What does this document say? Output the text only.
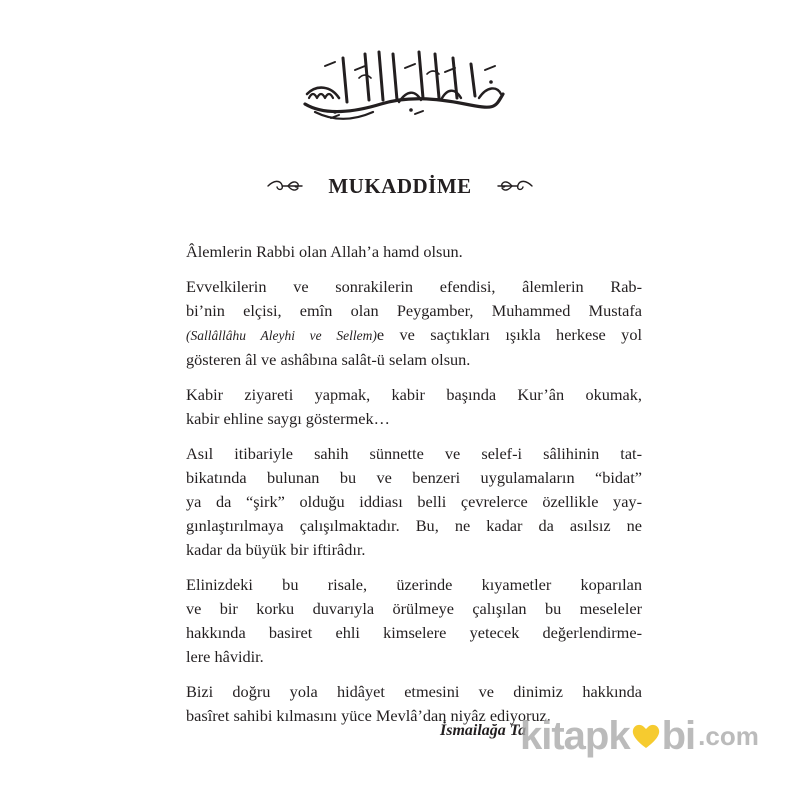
MUKADDİME

Âlemlerin Rabbi olan Allah’a hamd olsun.

Evvelkilerin ve sonrakilerin efendisi, âlemlerin Rab-
bi’nin elçisi, emîn olan Peygamber, Muhammed Mustafa
(Sallâllâhu Aleyhi ve Sellem)e ve saçtıkları ışıkla herkese yol
gösteren âl ve ashâbına salât-ü selam olsun.

Kabir ziyareti yapmak, kabir başında Kur’ân okumak,
kabir ehline saygı göstermek…

Asıl itibariyle sahih sünnette ve selef-i sâlihinin tat-
bikatında bulunan bu ve benzeri uygulamaların “bidat”
ya da “şirk” olduğu iddiası belli çevrelerce özellikle yay-
gınlaştırılmaya çalışılmaktadır. Bu, ne kadar da asılsız ne
kadar da büyük bir iftirâdır.

Elinizdeki bu risale, üzerinde kıyametler koparılan
ve bir korku duvarıyla örülmeye çalışılan bu meseleler
hakkında basiret ehli kimselere yetecek değerlendirme-
lere hâvidir.

Bizi doğru yola hidâyet etmesini ve dinimiz hakkında
basîret sahibi kılmasını yüce Mevlâ’dan niyâz ediyoruz.

İsmailağa Ta
kitapk bi .com
